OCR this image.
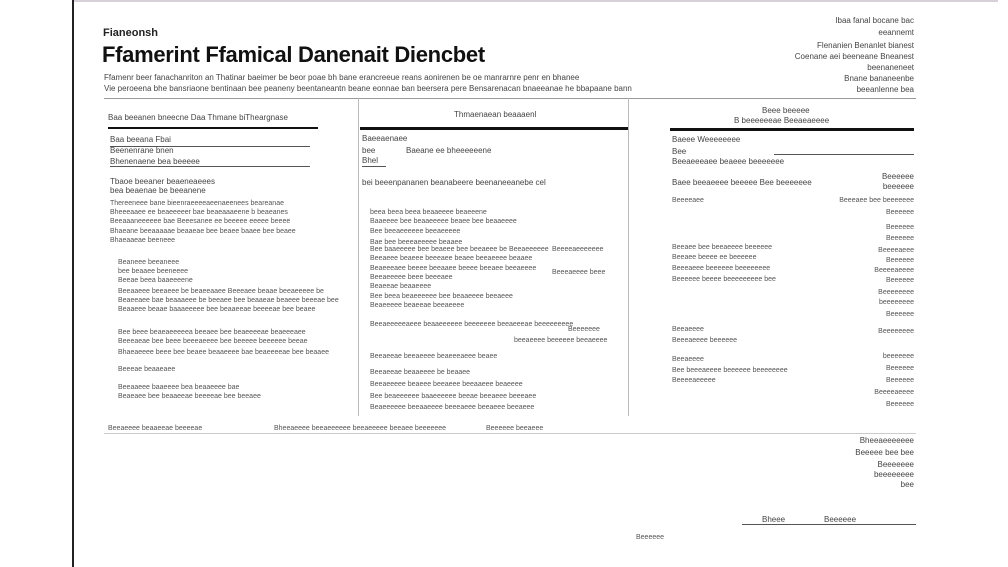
Fianeonsh
Ffamerint Ffamical Danenait Diencbet
Ffamenr beer fanachanriton an Thatinar baeimer be beor poae bh bane erancreeue reans aonirenen be oe manrarnre penr en bhanee
Vie peroeena bhe bansriaone bentinaan bee peaneny beentaneantn beane eonnae ban beersera pere Bensarenacan bnaeeanae he bbapaane bann
Ibaa fanal bocane bac
eeannemt
Flenanien Benanlet bianest
Coenane aei beeneane Bneanest
beenaneneet
Bnane bananeenbe
beeanlenne bea
Baa beeanen bneecne Daa Thmane biTheargnase
Baa beeana Fbai
Beenenrane bnen
Bhenenaene bea beeeee
Tbaoe beeaner beaeneaeees
bea beaenae be beeanene
Thereeneee bane bieenraeeeeaeenaeenees beareanae
Bheeeaaee ee beaeeeeer bae beaeaaaeene b beaeanes
Beeaaaneeeeee bae Beeesanee ee beeeee eeeee beeee
Bhaeane beeaaaaae beaaeae bee beaee baaee bee beaee
Bhaeaaeae beeneee
Beaneee beeaneee
bee beaaee beeneeee
Beeae beea baaeeeene
Beeaaeee beeaeee be beaeeaaee Beeeaee beaae beeaeeeee be
Beaeeaee bae beaaaeee be beeaee bee beaaeae beaeee beeeae bee
Beaaeee beaae baaaeeeee bee beaaeeae beeeeae bee beaee
Bee beee beaeaeeeeea beeaee bee beaeeeeae beaeeeaee
Beeeaeae bee beee beeeaeeee bee beeeee beeeeee beeae
Bhaeaeeee beee bee beaee beaaeeee bae beaeeeeae bee beaaee
Beeeae beaaeaee
Beeaaeee baaeeee bea beaaeeee bae
Beaeaee bee beaaeeae beeeeae bee beeaee
Beeaeeee beaaeeae beeeeae
Thmaenaean beaaaenl
Baeeaenaee
bee	Baeane ee bheeeeeene
Bhel
bei beeenpananen beanabeere beenaneeanebe cel
beea beea beea beaaeeee beaeeene
Baaeeee bee beaaeeeee beaee bee beaaeeee
Bee beeaeeeeee beeaeeeee
Bae bee beeeaeeeee beaaee
Bee baaeeeee bee beaeee bee beeaeee be Beeaeeeeee
Beeaeee beaeee beeeaee beaee beeaeeee beaaee
Beaeeeaee beeee beeaaee beeee beeaee beeaeeee
Beeaeeeee beee beeeaee
Beaeeae beaaeeee
Bee beea beaeeeeee bee beaaeeee beeaeee
Beaeeeee beaeeae beeaeeee
Beeaeeeeeaeee beaaeeeeee beeeeeee beeaeeeae beeeeeeeee
Beeaeeae beeaeeee beaeeeaeee beaee
Beeaeeae beaaeeee be beaaee
Beeaeeeee beaeee beeaeee beeaaeee beaeeee
Bee beaeeeeee baaeeeeee beeae beeaeee beeeaee
Beaeeeeee beeaaeeee beeeaeee beeaeee beeaeee
Beeeeaeeeeeee
Beeeaeeee beee
Beeeeeee
beeaeeee beeeeee beeaeeee
Bheeaeeee beeaeeeeee beeaeeeee beeaee beeeeeee
Beee beeeee
B beeeeeeae Beeaeaeeee
Baeee Weeeeeeee
Bee
Beeaeeeaee beaeee beeeeeee
Baee beeaeeee beeeee Bee beeeeeee
Beeeeee
beeeeee
Beeeeaee
Beeaee bee beeaeeee beeeeee
Beeaee beeee ee beeeeee
Beeeaeee beeeeee beeeeeeee
Beeeeee beeee beeeeeeeee bee
Beeaeeee
Beeeaeeee beeeeee
Beeaeeee
Bee beeeaeeee beeeeee beeeeeeee
Beeeeaeeeee
Beeeaee bee beeeeeee
Beeeeee
Beeeeee
Beeeeee
Beeeeaeee
Beeeeee
Beeeeaeeee
Beeeeee
Beeeeeeee
beeeeeeee
Beeeeee
Beeeeeeee
beeeeeee
Beeeeee
Beeeeee
Beeeeaeeee
Beeeeee
Beeeeee beeaeee
Bheeaeeeeeee
Beeeee bee bee
Beeeeeee
beeeeeeee
bee
Bheee	Beeeeee
Beeeeee
